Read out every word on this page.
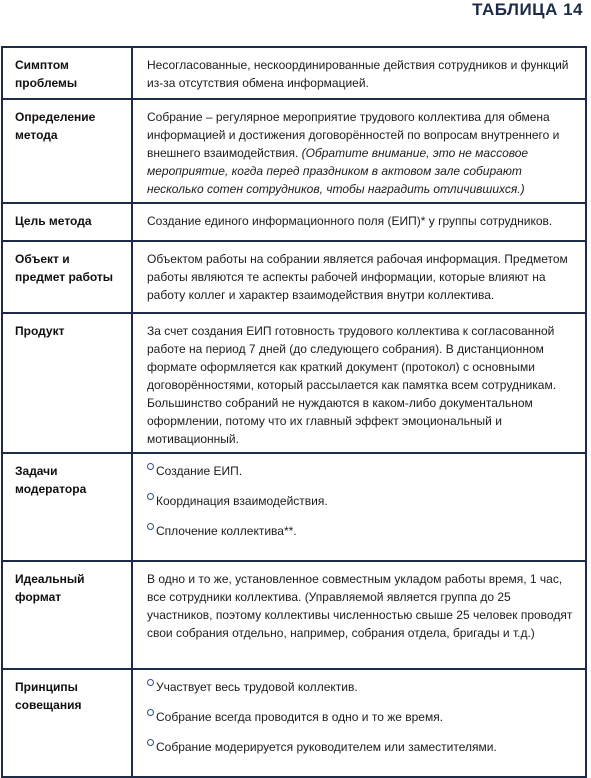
ТАБЛИЦА 14
Симптом проблемы
Несогласованные, нескоординированные действия сотрудников и функций из-за отсутствия обмена информацией.
Определение метода
Собрание – регулярное мероприятие трудового коллектива для обмена информацией и достижения договорённостей по вопросам внутреннего и внешнего взаимодействия. (Обратите внимание, это не массовое мероприятие, когда перед праздником в актовом зале собирают несколько сотен сотрудников, чтобы наградить отличившихся.)
Цель метода	Создание единого информационного поля (ЕИП)* у группы сотрудников.
Объект и предмет работы
Объектом работы на собрании является рабочая информация. Предметом работы являются те аспекты рабочей информации, которые влияют на работу коллег и характер взаимодействия внутри коллектива.
Продукт	За счет создания ЕИП готовность трудового коллектива к согласованной работе на период 7 дней (до следующего собрания). В дистанционном формате оформляется как краткий документ (протокол) с основными договорённостями, который рассылается как памятка всем сотрудникам. Большинство собраний не нуждаются в каком-либо документальном оформлении, потому что их главный эффект эмоциональный и мотивационный.
Задачи модератора
Создание ЕИП.
Координация взаимодействия.
Сплочение коллектива**.
Идеальный формат
В одно и то же, установленное совместным укладом работы время, 1 час, все сотрудники коллектива. (Управляемой является группа до 25 участников, поэтому коллективы численностью свыше 25 человек проводят свои собрания отдельно, например, собрания отдела, бригады и т.д.)
Принципы совещания
Участвует весь трудовой коллектив.
Собрание всегда проводится в одно и то же время.
Собрание модерируется руководителем или заместителями.
